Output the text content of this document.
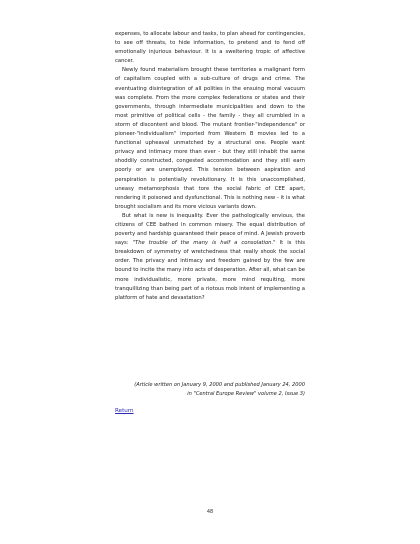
expenses, to allocate labour and tasks, to plan ahead for contingencies, to see off threats, to hide information, to pretend and to fend off emotionally injurious behaviour. It is a sweltering tropic of affective cancer.

Newly found materialism brought these territories a malignant form of capitalism coupled with a sub-culture of drugs and crime. The eventuating disintegration of all polities in the ensuing moral vacuum was complete. From the more complex federations or states and their governments, through intermediate municipalities and down to the most primitive of political cells - the family - they all crumbled in a storm of discontent and blood. The mutant frontier-"independence" or pioneer-"individualism" imported from Western B movies led to a functional upheaval unmatched by a structural one. People want privacy and intimacy more than ever - but they still inhabit the same shoddily constructed, congested accommodation and they still earn poorly or are unemployed. This tension between aspiration and perspiration is potentially revolutionary. It is this unaccomplished, uneasy metamorphosis that tore the social fabric of CEE apart, rendering it poisoned and dysfunctional. This is nothing new - it is what brought socialism and its more vicious variants down.

But what is new is inequality. Ever the pathologically envious, the citizens of CEE bathed in common misery. The equal distribution of poverty and hardship guaranteed their peace of mind. A Jewish proverb says: "The trouble of the many is half a consolation." It is this breakdown of symmetry of wretchedness that really shook the social order. The privacy and intimacy and freedom gained by the few are bound to incite the many into acts of desperation. After all, what can be more individualistic, more private, more mind requiting, more tranquillizing than being part of a riotous mob intent of implementing a platform of hate and devastation?

(Article written on January 9, 2000 and published January 24, 2000
in "Central Europe Review" volume 2, Issue 3)
Return
48
